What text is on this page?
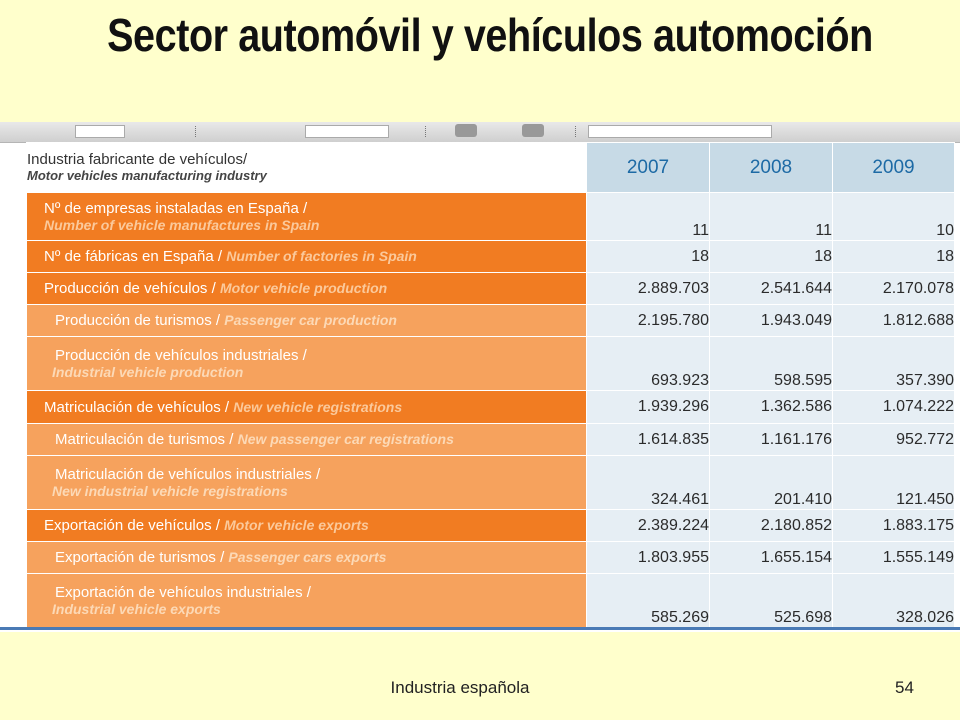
Sector automóvil y vehículos automoción
Industria fabricante de vehículos/
Motor vehicles manufacturing industry	2007	2008	2009

Nº de empresas instaladas en España /
Number of vehicle manufactures in Spain	11	11	10
Nº de fábricas en España / Number of factories in Spain	18	18	18
Producción de vehículos / Motor vehicle production	2.889.703	2.541.644	2.170.078
Producción de turismos / Passenger car production	2.195.780	1.943.049	1.812.688

Producción de vehículos industriales /
Industrial vehicle production	693.923	598.595	357.390
Matriculación de vehículos / New vehicle registrations	1.939.296	1.362.586	1.074.222
Matriculación de turismos / New passenger car registrations	1.614.835	1.161.176	952.772

Matriculación de vehículos industriales /
New industrial vehicle registrations	324.461	201.410	121.450
Exportación de vehículos / Motor vehicle exports	2.389.224	2.180.852	1.883.175
Exportación de turismos / Passenger cars exports	1.803.955	1.655.154	1.555.149

Exportación de vehículos industriales /
Industrial vehicle exports	585.269	525.698	328.026
Industria española	54
